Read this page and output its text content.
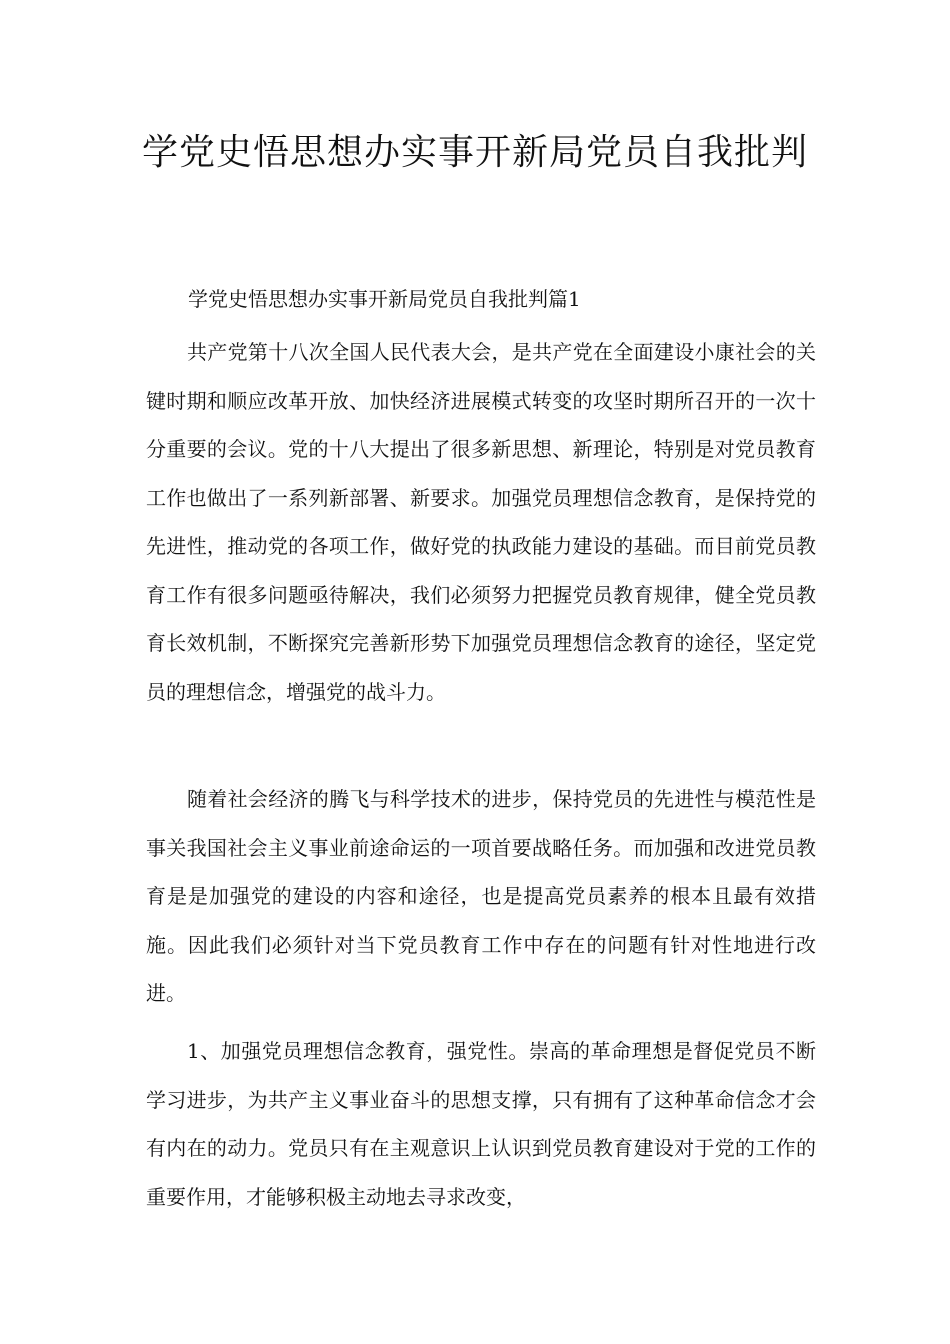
学党史悟思想办实事开新局党员自我批判

学党史悟思想办实事开新局党员自我批判篇1

共产党第十八次全国人民代表大会，是共产党在全面建设小康社会的关键时期和顺应改革开放、加快经济进展模式转变的攻坚时期所召开的一次十分重要的会议。党的十八大提出了很多新思想、新理论，特别是对党员教育工作也做出了一系列新部署、新要求。加强党员理想信念教育，是保持党的先进性，推动党的各项工作，做好党的执政能力建设的基础。而目前党员教育工作有很多问题亟待解决，我们必须努力把握党员教育规律，健全党员教育长效机制，不断探究完善新形势下加强党员理想信念教育的途径，坚定党员的理想信念，增强党的战斗力。

随着社会经济的腾飞与科学技术的进步，保持党员的先进性与模范性是事关我国社会主义事业前途命运的一项首要战略任务。而加强和改进党员教育是是加强党的建设的内容和途径，也是提高党员素养的根本且最有效措施。因此我们必须针对当下党员教育工作中存在的问题有针对性地进行改进。

1、加强党员理想信念教育，强党性。崇高的革命理想是督促党员不断学习进步，为共产主义事业奋斗的思想支撑，只有拥有了这种革命信念才会有内在的动力。党员只有在主观意识上认识到党员教育建设对于党的工作的重要作用，才能够积极主动地去寻求改变，
